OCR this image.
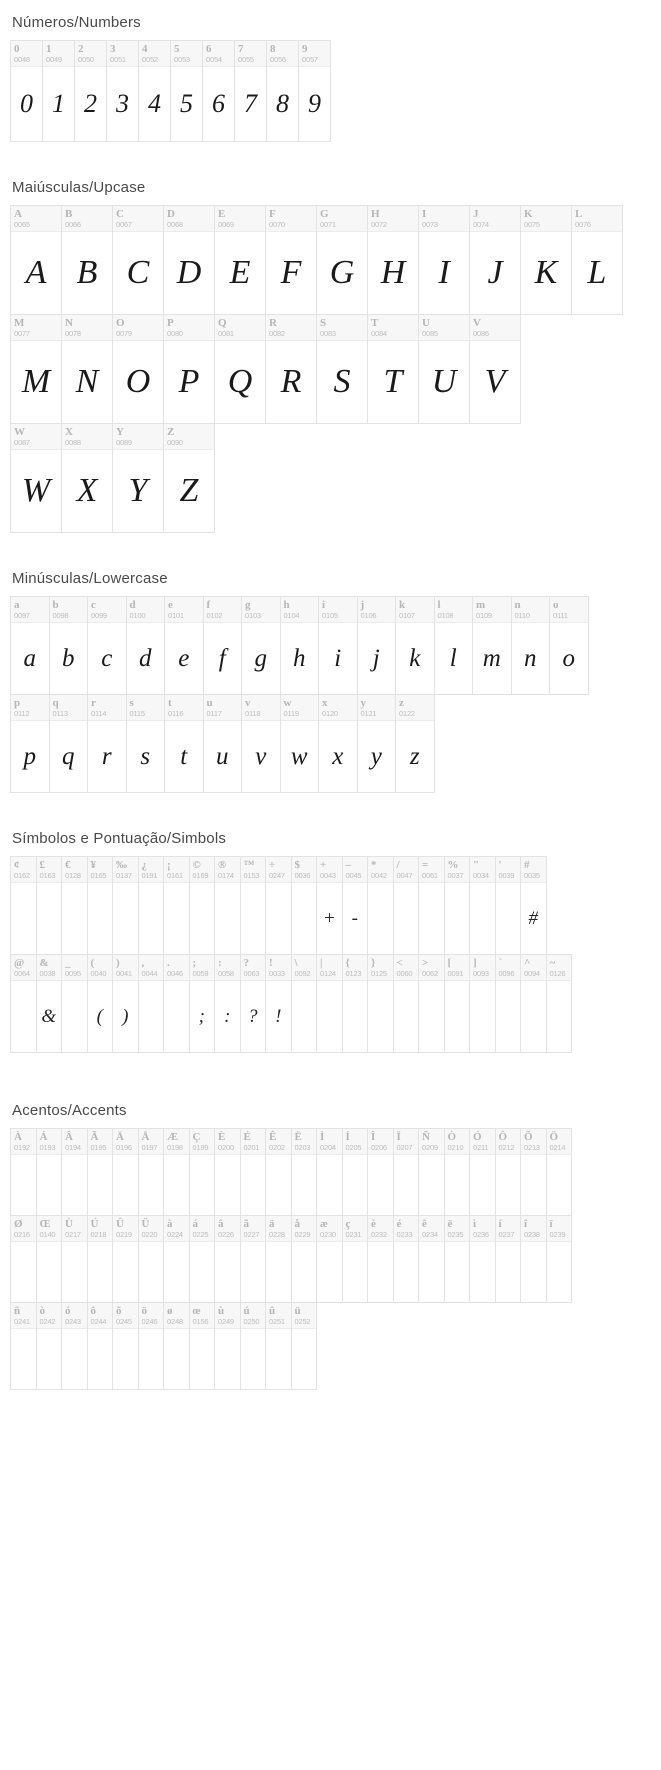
Números/Numbers
0
0048
0
1
0049
1
2
0050
2
3
0051
3
4
0052
4
5
0053
5
6
0054
6
7
0055
7
8
0056
8
9
0057
9
Maiúsculas/Upcase
A
0065
A
B
0066
B
C
0067
C
D
0068
D
E
0069
E
F
0070
F
G
0071
G
H
0072
H
I
0073
I
J
0074
J
K
0075
K
L
0076
L
M
0077
M
N
0078
N
O
0079
O
P
0080
P
Q
0081
Q
R
0082
R
S
0083
S
T
0084
T
U
0085
U
V
0086
V
W
0087
W
X
0088
X
Y
0089
Y
Z
0090
Z
Minúsculas/Lowercase
a
0097
a
b
0098
b
c
0099
c
d
0100
d
e
0101
e
f
0102
f
g
0103
g
h
0104
h
i
0105
i
j
0106
j
k
0107
k
l
0108
l
m
0109
m
n
0110
n
o
0111
o
p
0112
p
q
0113
q
r
0114
r
s
0115
s
t
0116
t
u
0117
u
v
0118
v
w
0119
w
x
0120
x
y
0121
y
z
0122
z
Símbolos e Pontuação/Simbols
¢
0162
£
0163
€
0128
¥
0165
‰
0137
¿
0191
¡
0161
©
0169
®
0174
™
0153
÷
0247
$
0036
+
0043
+
–
0045
-
*
0042
/
0047
=
0061
%
0037
"
0034
'
0039
#
0035
#
@
0064
&
0038
&
_
0095
(
0040
(
)
0041
)
,
0044
.
0046
;
0059
;
:
0058
:
?
0063
?
!
0033
!
\
0092
|
0124
{
0123
}
0125
<
0060
>
0062
[
0091
]
0093
`
0096
^
0094
~
0126
Acentos/Accents
À
0192
Á
0193
Â
0194
Ã
0195
Ä
0196
Å
0197
Æ
0198
Ç
0199
È
0200
É
0201
Ê
0202
Ë
0203
Ì
0204
Í
0205
Î
0206
Ï
0207
Ñ
0209
Ò
0210
Ó
0211
Ô
0212
Õ
0213
Ö
0214
Ø
0216
Œ
0140
Ù
0217
Ú
0218
Û
0219
Ü
0220
à
0224
á
0225
â
0226
ã
0227
ä
0228
å
0229
æ
0230
ç
0231
è
0232
é
0233
ê
0234
ë
0235
ì
0236
í
0237
î
0238
ï
0239
ñ
0241
ò
0242
ó
0243
ô
0244
õ
0245
ö
0246
ø
0248
œ
0156
ù
0249
ú
0250
û
0251
ü
0252
